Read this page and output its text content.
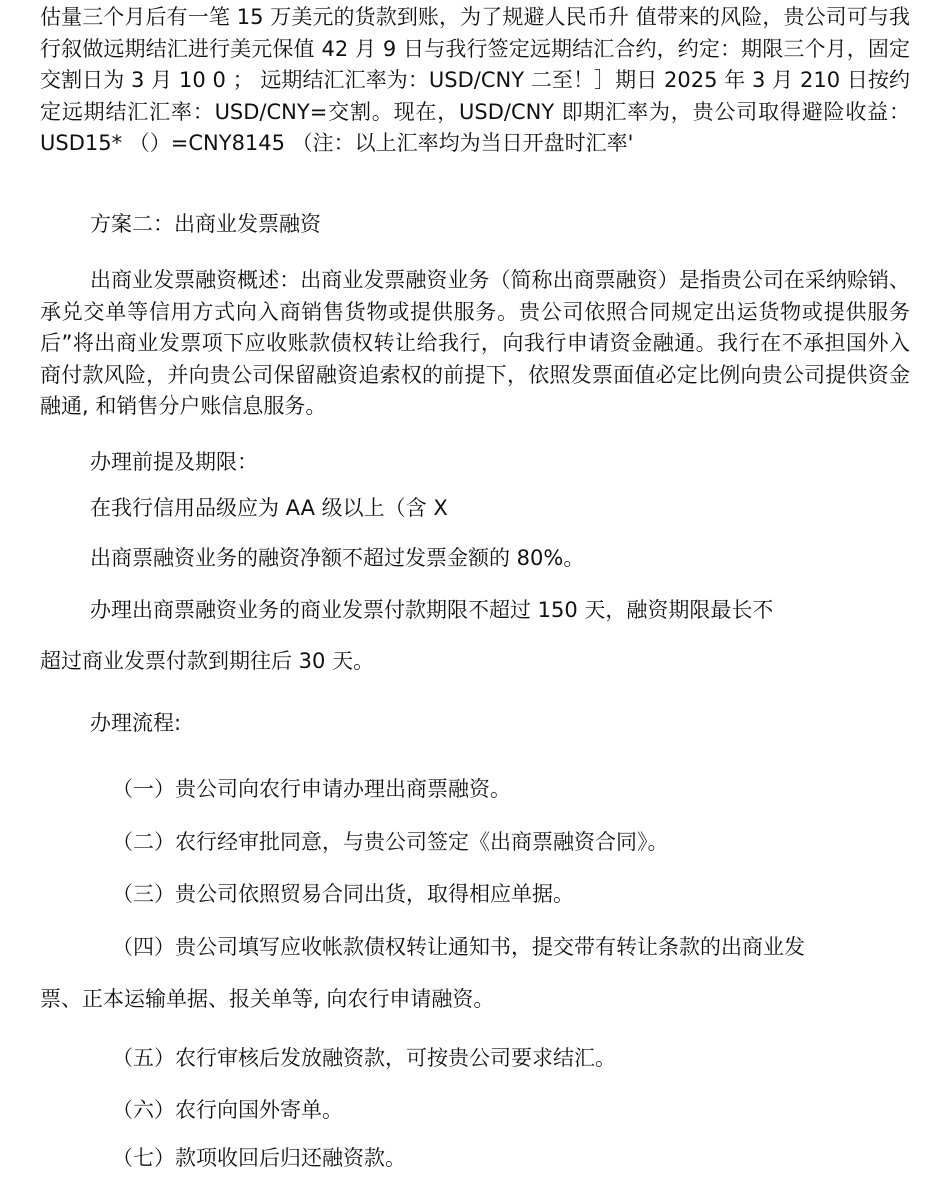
估量三个月后有一笔 15 万美元的货款到账，为了规避人民币升 值带来的风险，贵公司可与我行叙做远期结汇进行美元保值 42 月 9 日与我行签定远期结汇合约，约定：期限三个月，固定交割日为 3 月 10 0 ； 远期结汇汇率为：USD/CNY 二至！］期日 2025 年 3 月 210 日按约定远期结汇汇率：USD/CNY=交割。现在，USD/CNY 即期汇率为，贵公司取得避险收益：USD15* （）=CNY8145 （注：以上汇率均为当日开盘时汇率'

方案二：出商业发票融资

出商业发票融资概述：出商业发票融资业务（简称出商票融资）是指贵公司在采纳赊销、承兑交单等信用方式向入商销售货物或提供服务。贵公司依照合同规定出运货物或提供服务后”将出商业发票项下应收账款债权转让给我行，向我行申请资金融通。我行在不承担国外入商付款风险，并向贵公司保留融资追索权的前提下，依照发票面值必定比例向贵公司提供资金融通, 和销售分户账信息服务。

办理前提及期限：

在我行信用品级应为 AA 级以上（含 X

出商票融资业务的融资净额不超过发票金额的 80%。

办理出商票融资业务的商业发票付款期限不超过 150 天，融资期限最长不

超过商业发票付款到期往后 30 天。

办理流程:

（一）贵公司向农行申请办理出商票融资。

（二）农行经审批同意，与贵公司签定《出商票融资合同》。

（三）贵公司依照贸易合同出货，取得相应单据。

（四）贵公司填写应收帐款债权转让通知书，提交带有转让条款的出商业发

票、正本运输单据、报关单等, 向农行申请融资。

（五）农行审核后发放融资款，可按贵公司要求结汇。

（六）农行向国外寄单。

（七）款项收回后归还融资款。
